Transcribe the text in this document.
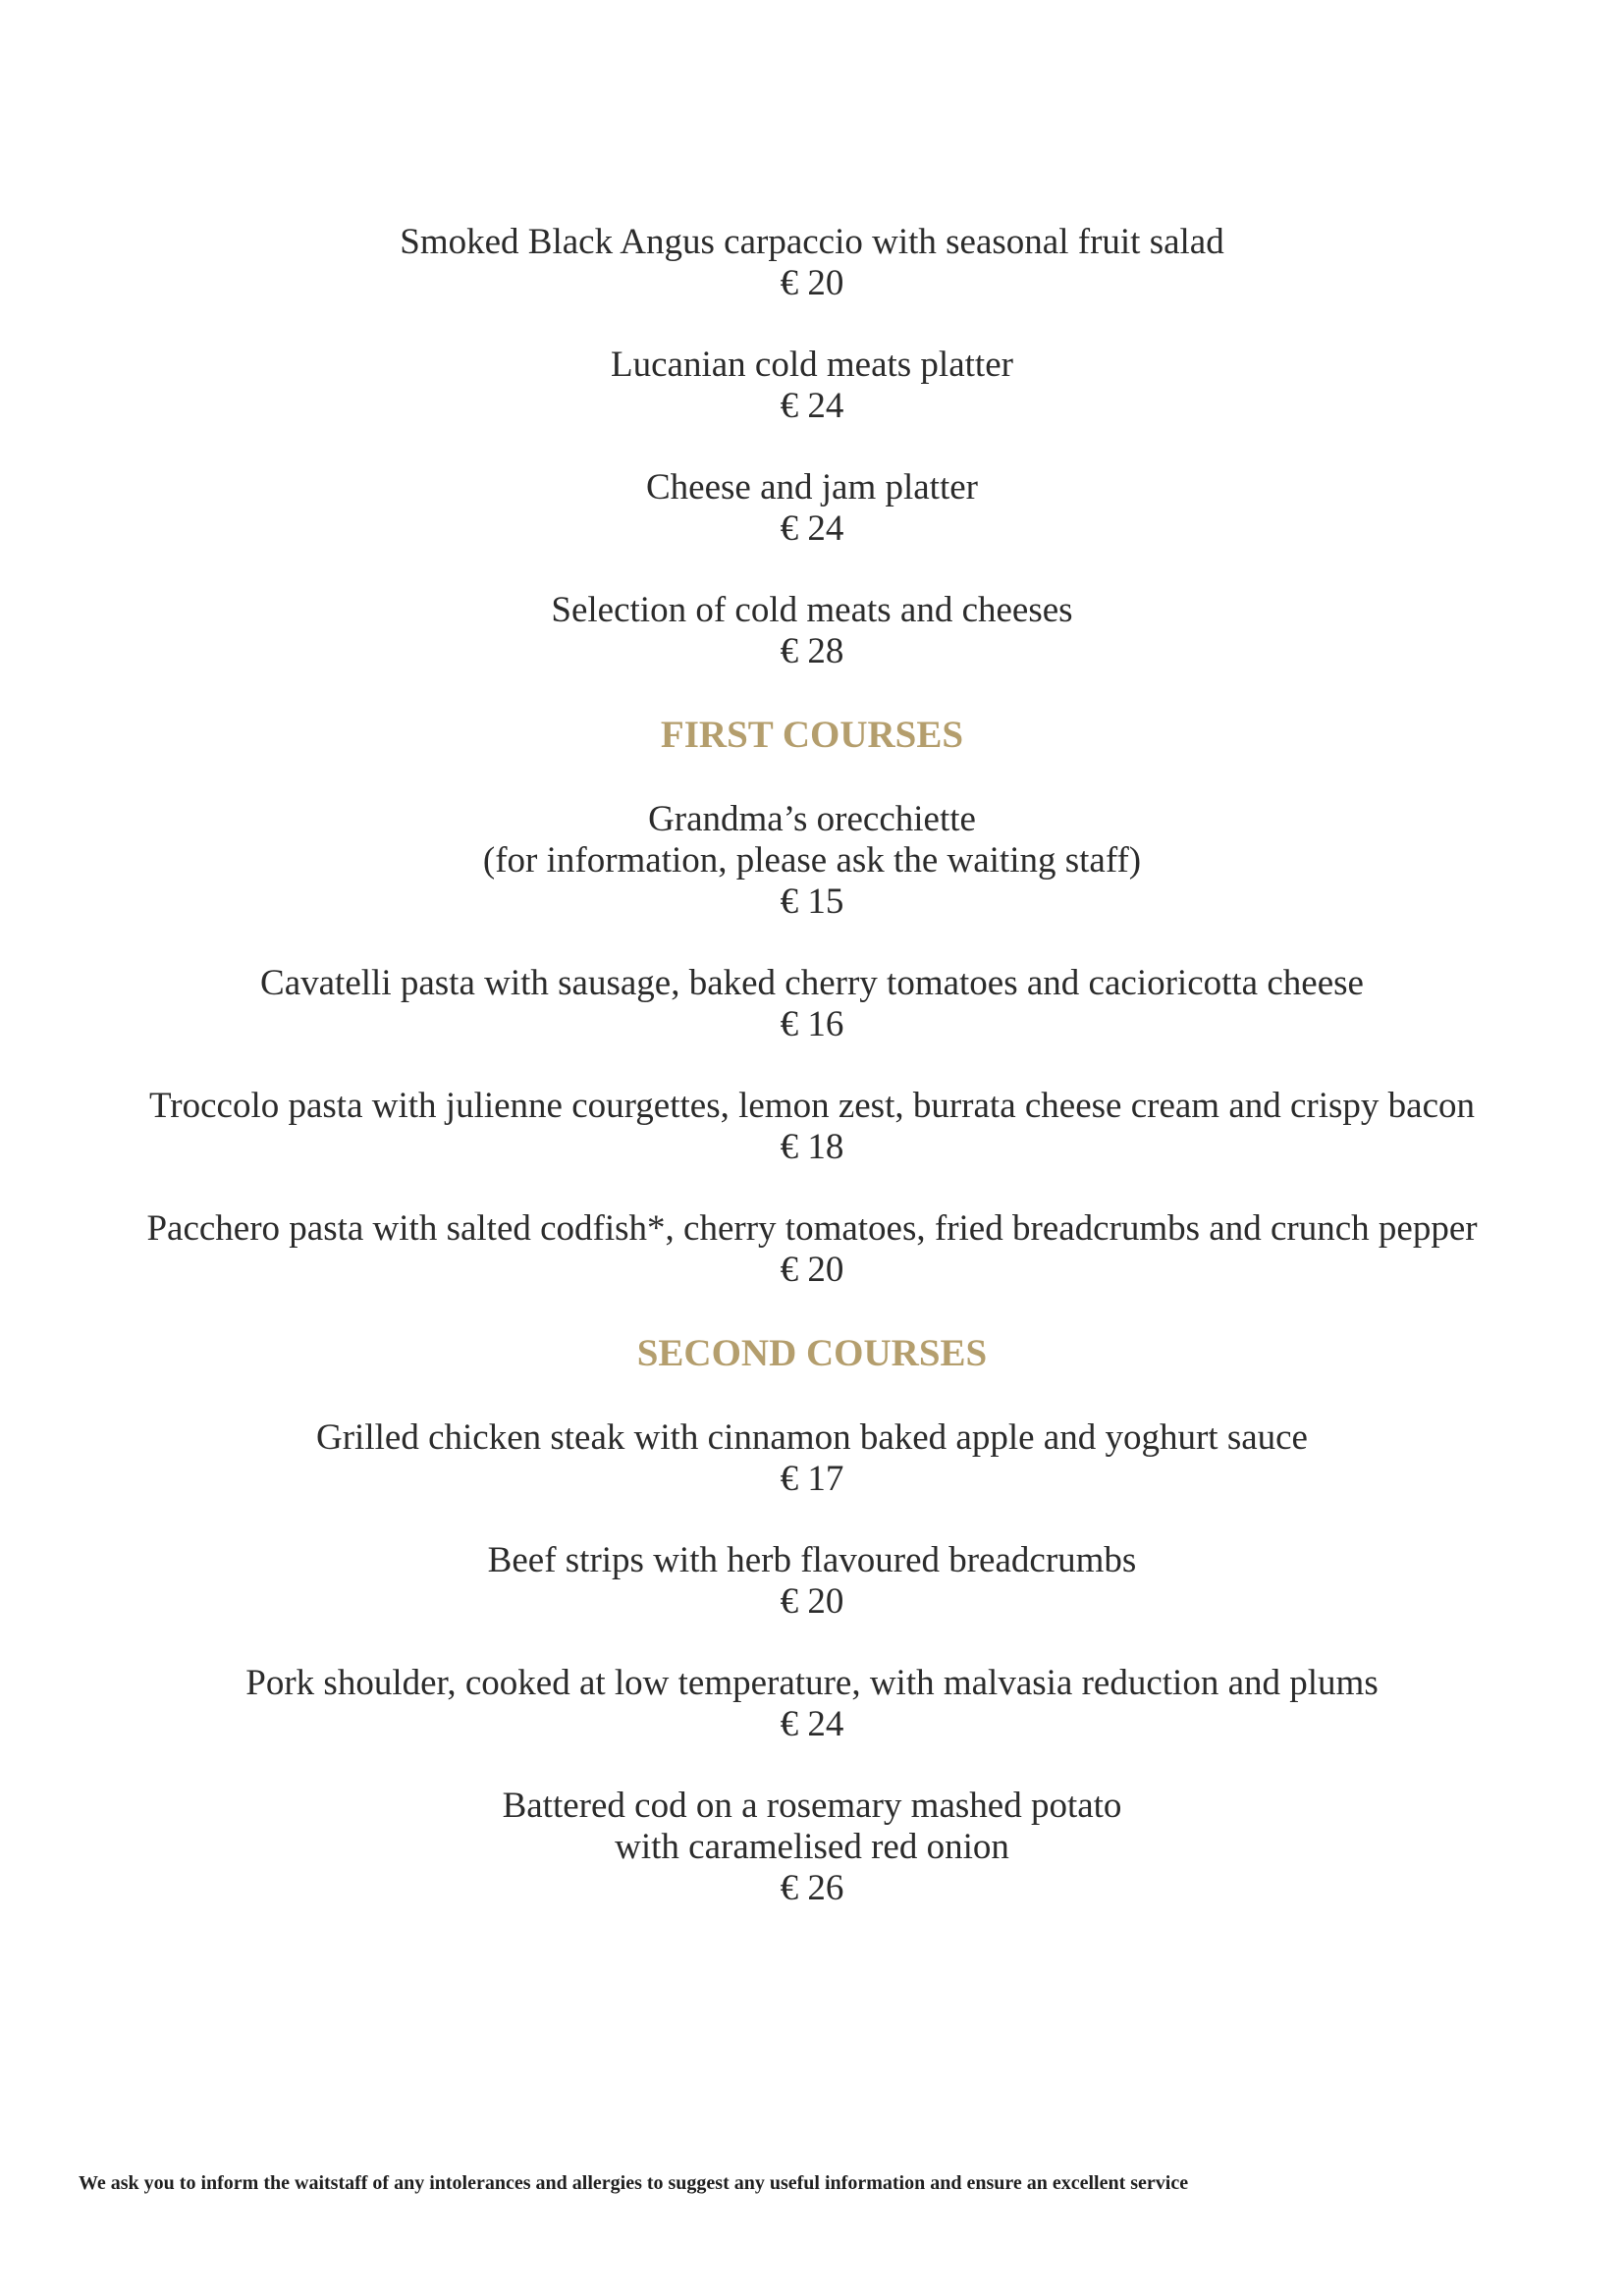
Smoked Black Angus carpaccio with seasonal fruit salad
€ 20
Lucanian cold meats platter
€ 24
Cheese and jam platter
€ 24
Selection of cold meats and cheeses
€ 28
FIRST COURSES
Grandma’s orecchiette
(for information, please ask the waiting staff)
€ 15
Cavatelli pasta with sausage, baked cherry tomatoes and cacioricotta cheese
€ 16
Troccolo pasta with julienne courgettes, lemon zest, burrata cheese cream and crispy bacon
€ 18
Pacchero pasta with salted codfish*, cherry tomatoes, fried breadcrumbs and crunch pepper
€ 20
SECOND COURSES
Grilled chicken steak with cinnamon baked apple and yoghurt sauce
€ 17
Beef strips with herb flavoured breadcrumbs
€ 20
Pork shoulder, cooked at low temperature, with malvasia reduction and plums
€ 24
Battered cod on a rosemary mashed potato
with caramelised red onion
€ 26
We ask you to inform the waitstaff of any intolerances and allergies to suggest any useful information and ensure an excellent service
